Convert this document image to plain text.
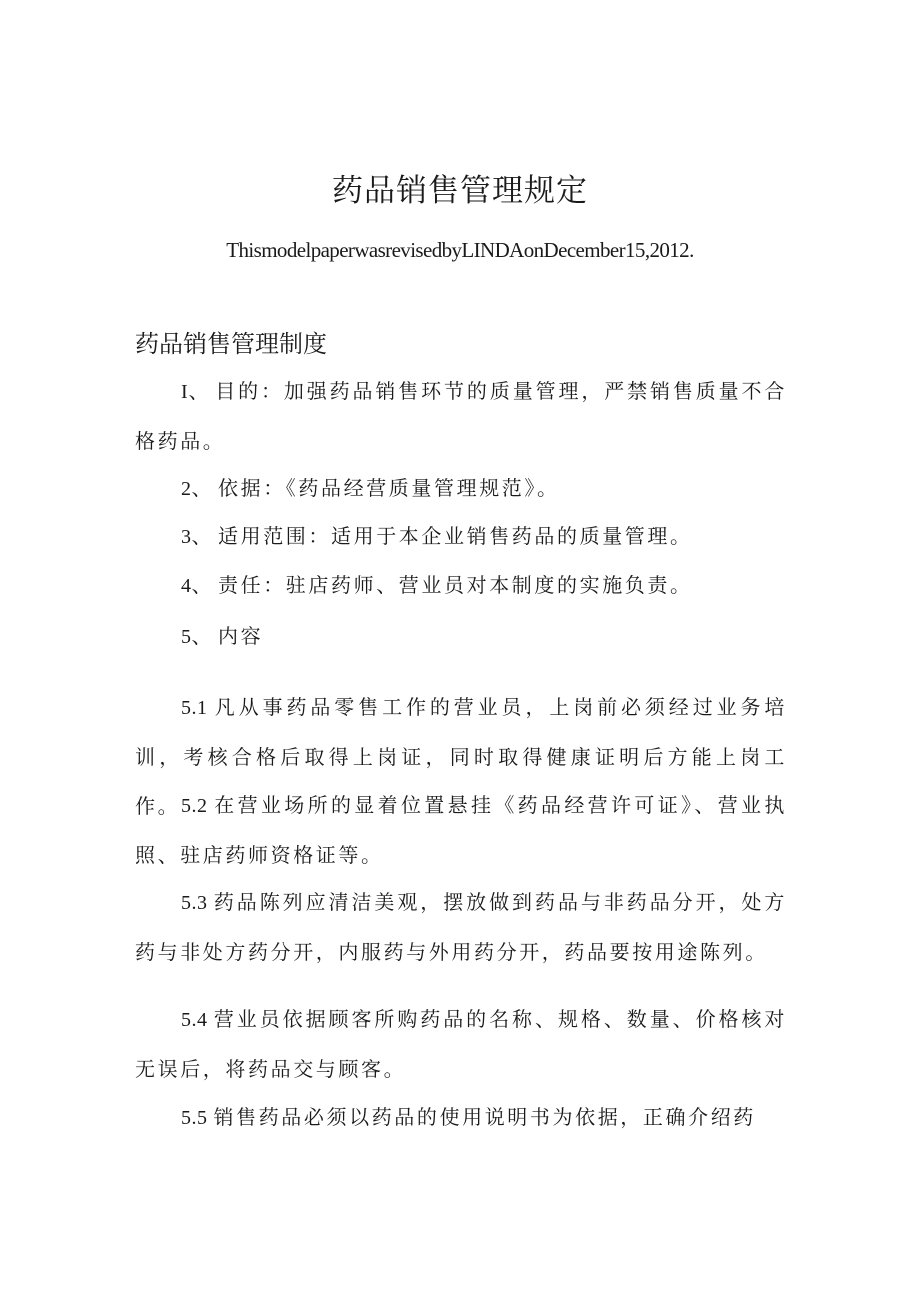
药品销售管理规定

ThismodelpaperwasrevisedbyLINDAonDecember15,2012.

药品销售管理制度

I、 目的：加强药品销售环节的质量管理，严禁销售质量不合格药品。

2、 依据：《药品经营质量管理规范》。

3、 适用范围：适用于本企业销售药品的质量管理。

4、 责任：驻店药师、营业员对本制度的实施负责。

5、 内容

5.1 凡从事药品零售工作的营业员，上岗前必须经过业务培训，考核合格后取得上岗证，同时取得健康证明后方能上岗工作。 5.2 在营业场所的显着位置悬挂《药品经营许可证》、营业执照、驻店药师资格证等。

5.3 药品陈列应清洁美观，摆放做到药品与非药品分开，处方药与非处方药分开，内服药与外用药分开，药品要按用途陈列。

5.4 营业员依据顾客所购药品的名称、规格、数量、价格核对无误后，将药品交与顾客。

5.5 销售药品必须以药品的使用说明书为依据，正确介绍药
